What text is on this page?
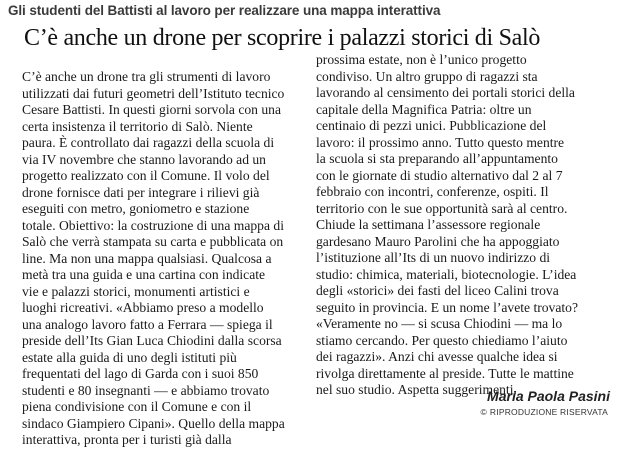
Gli studenti del Battisti al lavoro per realizzare una mappa interattiva
C’è anche un drone per scoprire i palazzi storici di Salò
C’è anche un drone tra gli strumenti di lavoro
utilizzati dai futuri geometri dell’Istituto tecnico
Cesare Battisti. In questi giorni sorvola con una
certa insistenza il territorio di Salò. Niente
paura. È controllato dai ragazzi della scuola di
via IV novembre che stanno lavorando ad un
progetto realizzato con il Comune. Il volo del
drone fornisce dati per integrare i rilievi già
eseguiti con metro, goniometro e stazione
totale. Obiettivo: la costruzione di una mappa di
Salò che verrà stampata su carta e pubblicata on
line. Ma non una mappa qualsiasi. Qualcosa a
metà tra una guida e una cartina con indicate
vie e palazzi storici, monumenti artistici e
luoghi ricreativi. «Abbiamo preso a modello
una analogo lavoro fatto a Ferrara — spiega il
preside dell’Its Gian Luca Chiodini dalla scorsa
estate alla guida di uno degli istituti più
frequentati del lago di Garda con i suoi 850
studenti e 80 insegnanti — e abbiamo trovato
piena condivisione con il Comune e con il
sindaco Giampiero Cipani». Quello della mappa
interattiva, pronta per i turisti già dalla
prossima estate, non è l’unico progetto
condiviso. Un altro gruppo di ragazzi sta
lavorando al censimento dei portali storici della
capitale della Magnifica Patria: oltre un
centinaio di pezzi unici. Pubblicazione del
lavoro: il prossimo anno. Tutto questo mentre
la scuola si sta preparando all’appuntamento
con le giornate di studio alternativo dal 2 al 7
febbraio con incontri, conferenze, ospiti. Il
territorio con le sue opportunità sarà al centro.
Chiude la settimana l’assessore regionale
gardesano Mauro Parolini che ha appoggiato
l’istituzione all’Its di un nuovo indirizzo di
studio: chimica, materiali, biotecnologie. L’idea
degli «storici» dei fasti del liceo Calini trova
seguito in provincia. E un nome l’avete trovato?
«Veramente no — si scusa Chiodini — ma lo
stiamo cercando. Per questo chiediamo l’aiuto
dei ragazzi». Anzi chi avesse qualche idea si
rivolga direttamente al preside. Tutte le mattine
nel suo studio. Aspetta suggerimenti.
Maria Paola Pasini
© RIPRODUZIONE RISERVATA
